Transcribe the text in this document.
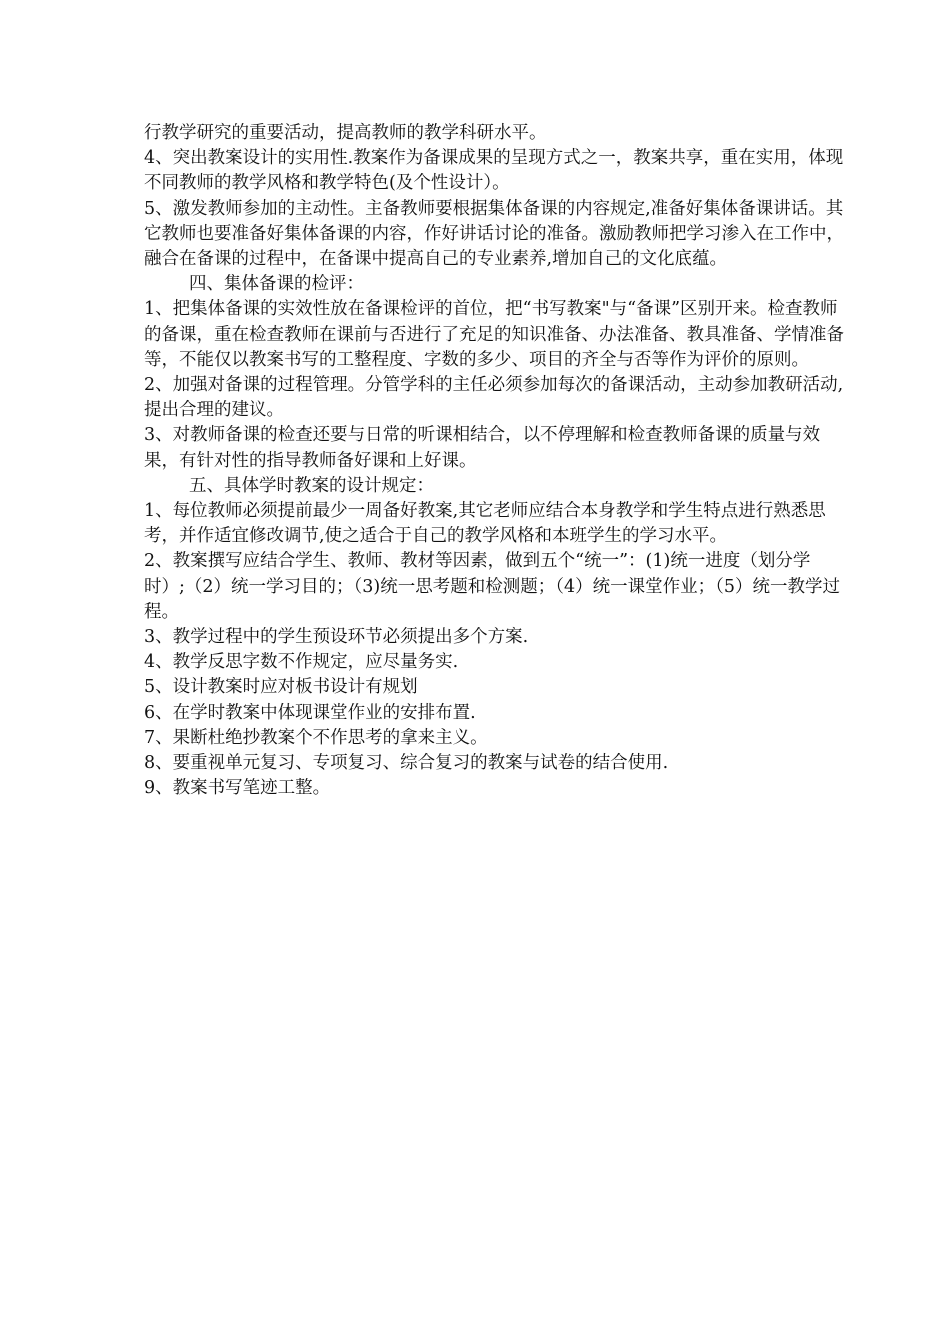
行教学研究的重要活动，提高教师的教学科研水平。

4、突出教案设计的实用性.教案作为备课成果的呈现方式之一，教案共享，重在实用，体现不同教师的教学风格和教学特色(及个性设计）。

5、激发教师参加的主动性。主备教师要根据集体备课的内容规定,准备好集体备课讲话。其它教师也要准备好集体备课的内容，作好讲话讨论的准备。激励教师把学习渗入在工作中，融合在备课的过程中，在备课中提高自己的专业素养,增加自己的文化底蕴。

四、集体备课的检评：

1、把集体备课的实效性放在备课检评的首位，把“书写教案"与“备课”区别开来。检查教师的备课，重在检查教师在课前与否进行了充足的知识准备、办法准备、教具准备、学情准备等，不能仅以教案书写的工整程度、字数的多少、项目的齐全与否等作为评价的原则。

2、加强对备课的过程管理。分管学科的主任必须参加每次的备课活动，主动参加教研活动,提出合理的建议。

3、对教师备课的检查还要与日常的听课相结合，以不停理解和检查教师备课的质量与效果，有针对性的指导教师备好课和上好课。

五、具体学时教案的设计规定：

1、每位教师必须提前最少一周备好教案,其它老师应结合本身教学和学生特点进行熟悉思考，并作适宜修改调节,使之适合于自己的教学风格和本班学生的学习水平。

2、教案撰写应结合学生、教师、教材等因素，做到五个“统一”：(1)统一进度（划分学时）;（2）统一学习目的；（3)统一思考题和检测题；（4）统一课堂作业；（5）统一教学过程。

3、教学过程中的学生预设环节必须提出多个方案.

4、教学反思字数不作规定，应尽量务实.

5、设计教案时应对板书设计有规划

6、在学时教案中体现课堂作业的安排布置.

7、果断杜绝抄教案个不作思考的拿来主义。

8、要重视单元复习、专项复习、综合复习的教案与试卷的结合使用.

9、教案书写笔迹工整。
